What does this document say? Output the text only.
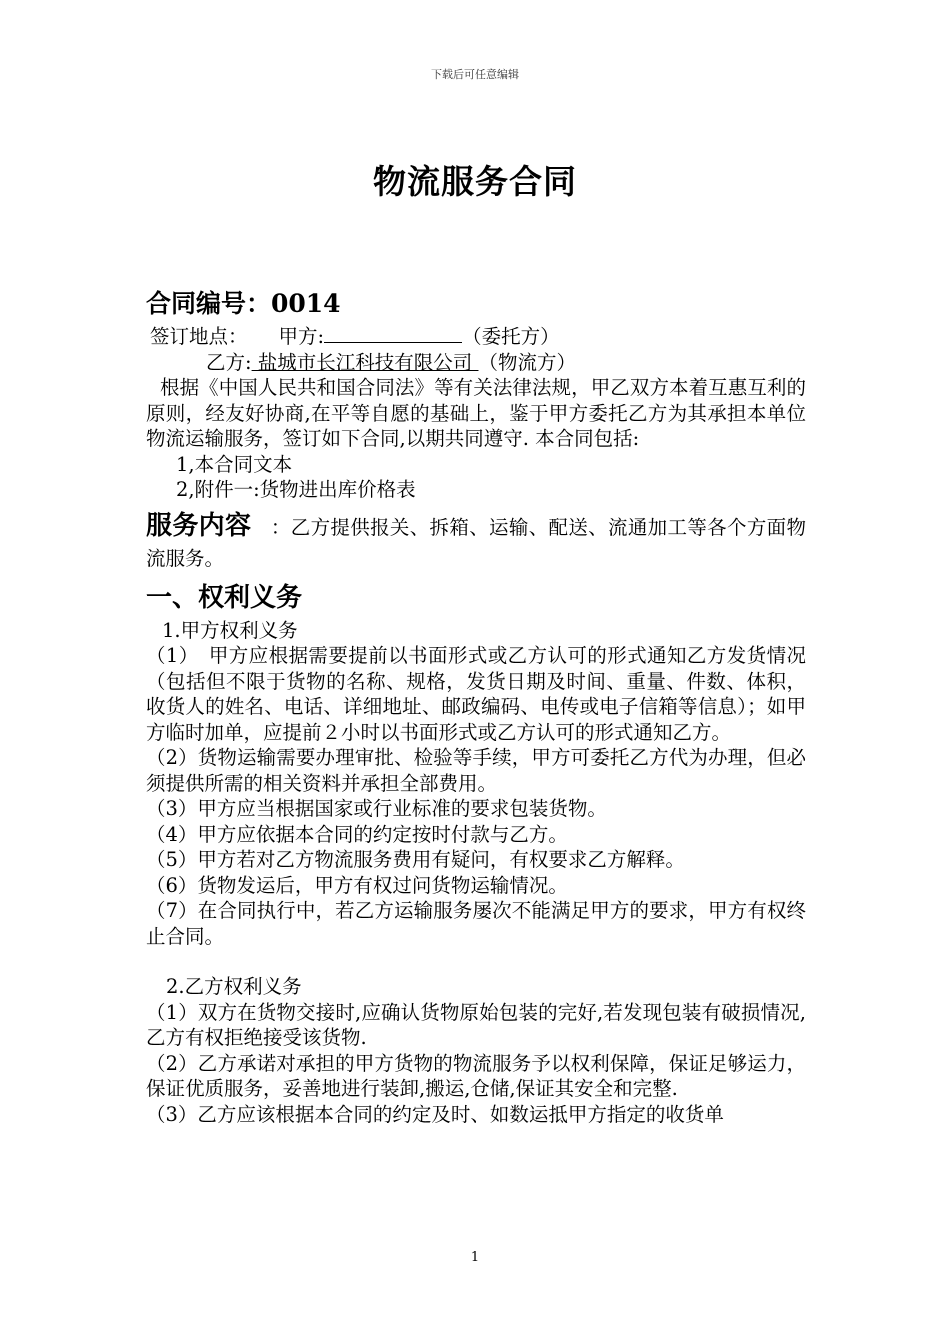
下载后可任意编辑
物流服务合同

合同编号：0014

签订地点： 甲方:	（委托方）

乙方: 盐城市长江科技有限公司 （物流方）

根据《中国人民共和国合同法》等有关法律法规，甲乙双方本着互惠互利的原则，经友好协商,在平等自愿的基础上，鉴于甲方委托乙方为其承担本单位物流运输服务，签订如下合同,以期共同遵守. 本合同包括:

1,本合同文本

2,附件一:货物进出库价格表

服务内容 ：乙方提供报关、拆箱、运输、配送、流通加工等各个方面物流服务。

一、权利义务

1.甲方权利义务

（1）　甲方应根据需要提前以书面形式或乙方认可的形式通知乙方发货情况（包括但不限于货物的名称、规格，发货日期及时间、重量、件数、体积，收货人的姓名、电话、详细地址、邮政编码、电传或电子信箱等信息）；如甲方临时加单，应提前２小时以书面形式或乙方认可的形式通知乙方。

（2）货物运输需要办理审批、检验等手续，甲方可委托乙方代为办理，但必须提供所需的相关资料并承担全部费用。

（3）甲方应当根据国家或行业标准的要求包装货物。

（4）甲方应依据本合同的约定按时付款与乙方。

（5）甲方若对乙方物流服务费用有疑问，有权要求乙方解释。

（6）货物发运后，甲方有权过问货物运输情况。

（7）在合同执行中，若乙方运输服务屡次不能满足甲方的要求，甲方有权终止合同。

2.乙方权利义务

（1）双方在货物交接时,应确认货物原始包装的完好,若发现包装有破损情况,乙方有权拒绝接受该货物.

（2）乙方承诺对承担的甲方货物的物流服务予以权利保障，保证足够运力，保证优质服务，妥善地进行装卸,搬运,仓储,保证其安全和完整.

（3）乙方应该根据本合同的约定及时、如数运抵甲方指定的收货单

1
